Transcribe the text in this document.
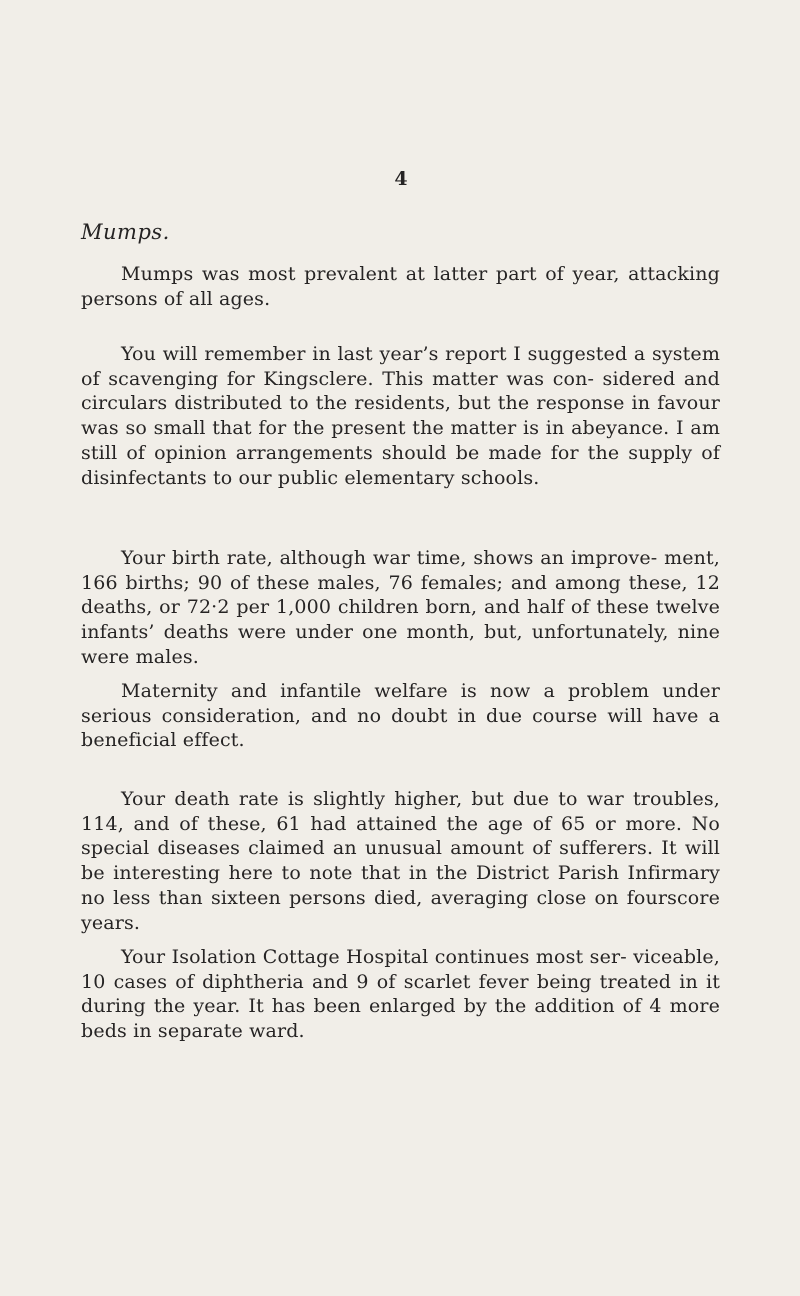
4
Mumps.

Mumps was most prevalent at latter part of year, attacking persons of all ages.

You will remember in last year’s report I suggested a system of scavenging for Kingsclere. This matter was con- sidered and circulars distributed to the residents, but the response in favour was so small that for the present the matter is in abeyance. I am still of opinion arrangements should be made for the supply of disinfectants to our public elementary schools.

Your birth rate, although war time, shows an improve- ment, 166 births; 90 of these males, 76 females; and among these, 12 deaths, or 72·2 per 1,000 children born, and half of these twelve infants’ deaths were under one month, but, unfortunately, nine were males.

Maternity and infantile welfare is now a problem under serious consideration, and no doubt in due course will have a beneficial effect.

Your death rate is slightly higher, but due to war troubles, 114, and of these, 61 had attained the age of 65 or more. No special diseases claimed an unusual amount of sufferers. It will be interesting here to note that in the District Parish Infirmary no less than sixteen persons died, averaging close on fourscore years.

Your Isolation Cottage Hospital continues most ser- viceable, 10 cases of diphtheria and 9 of scarlet fever being treated in it during the year. It has been enlarged by the addition of 4 more beds in separate ward.
